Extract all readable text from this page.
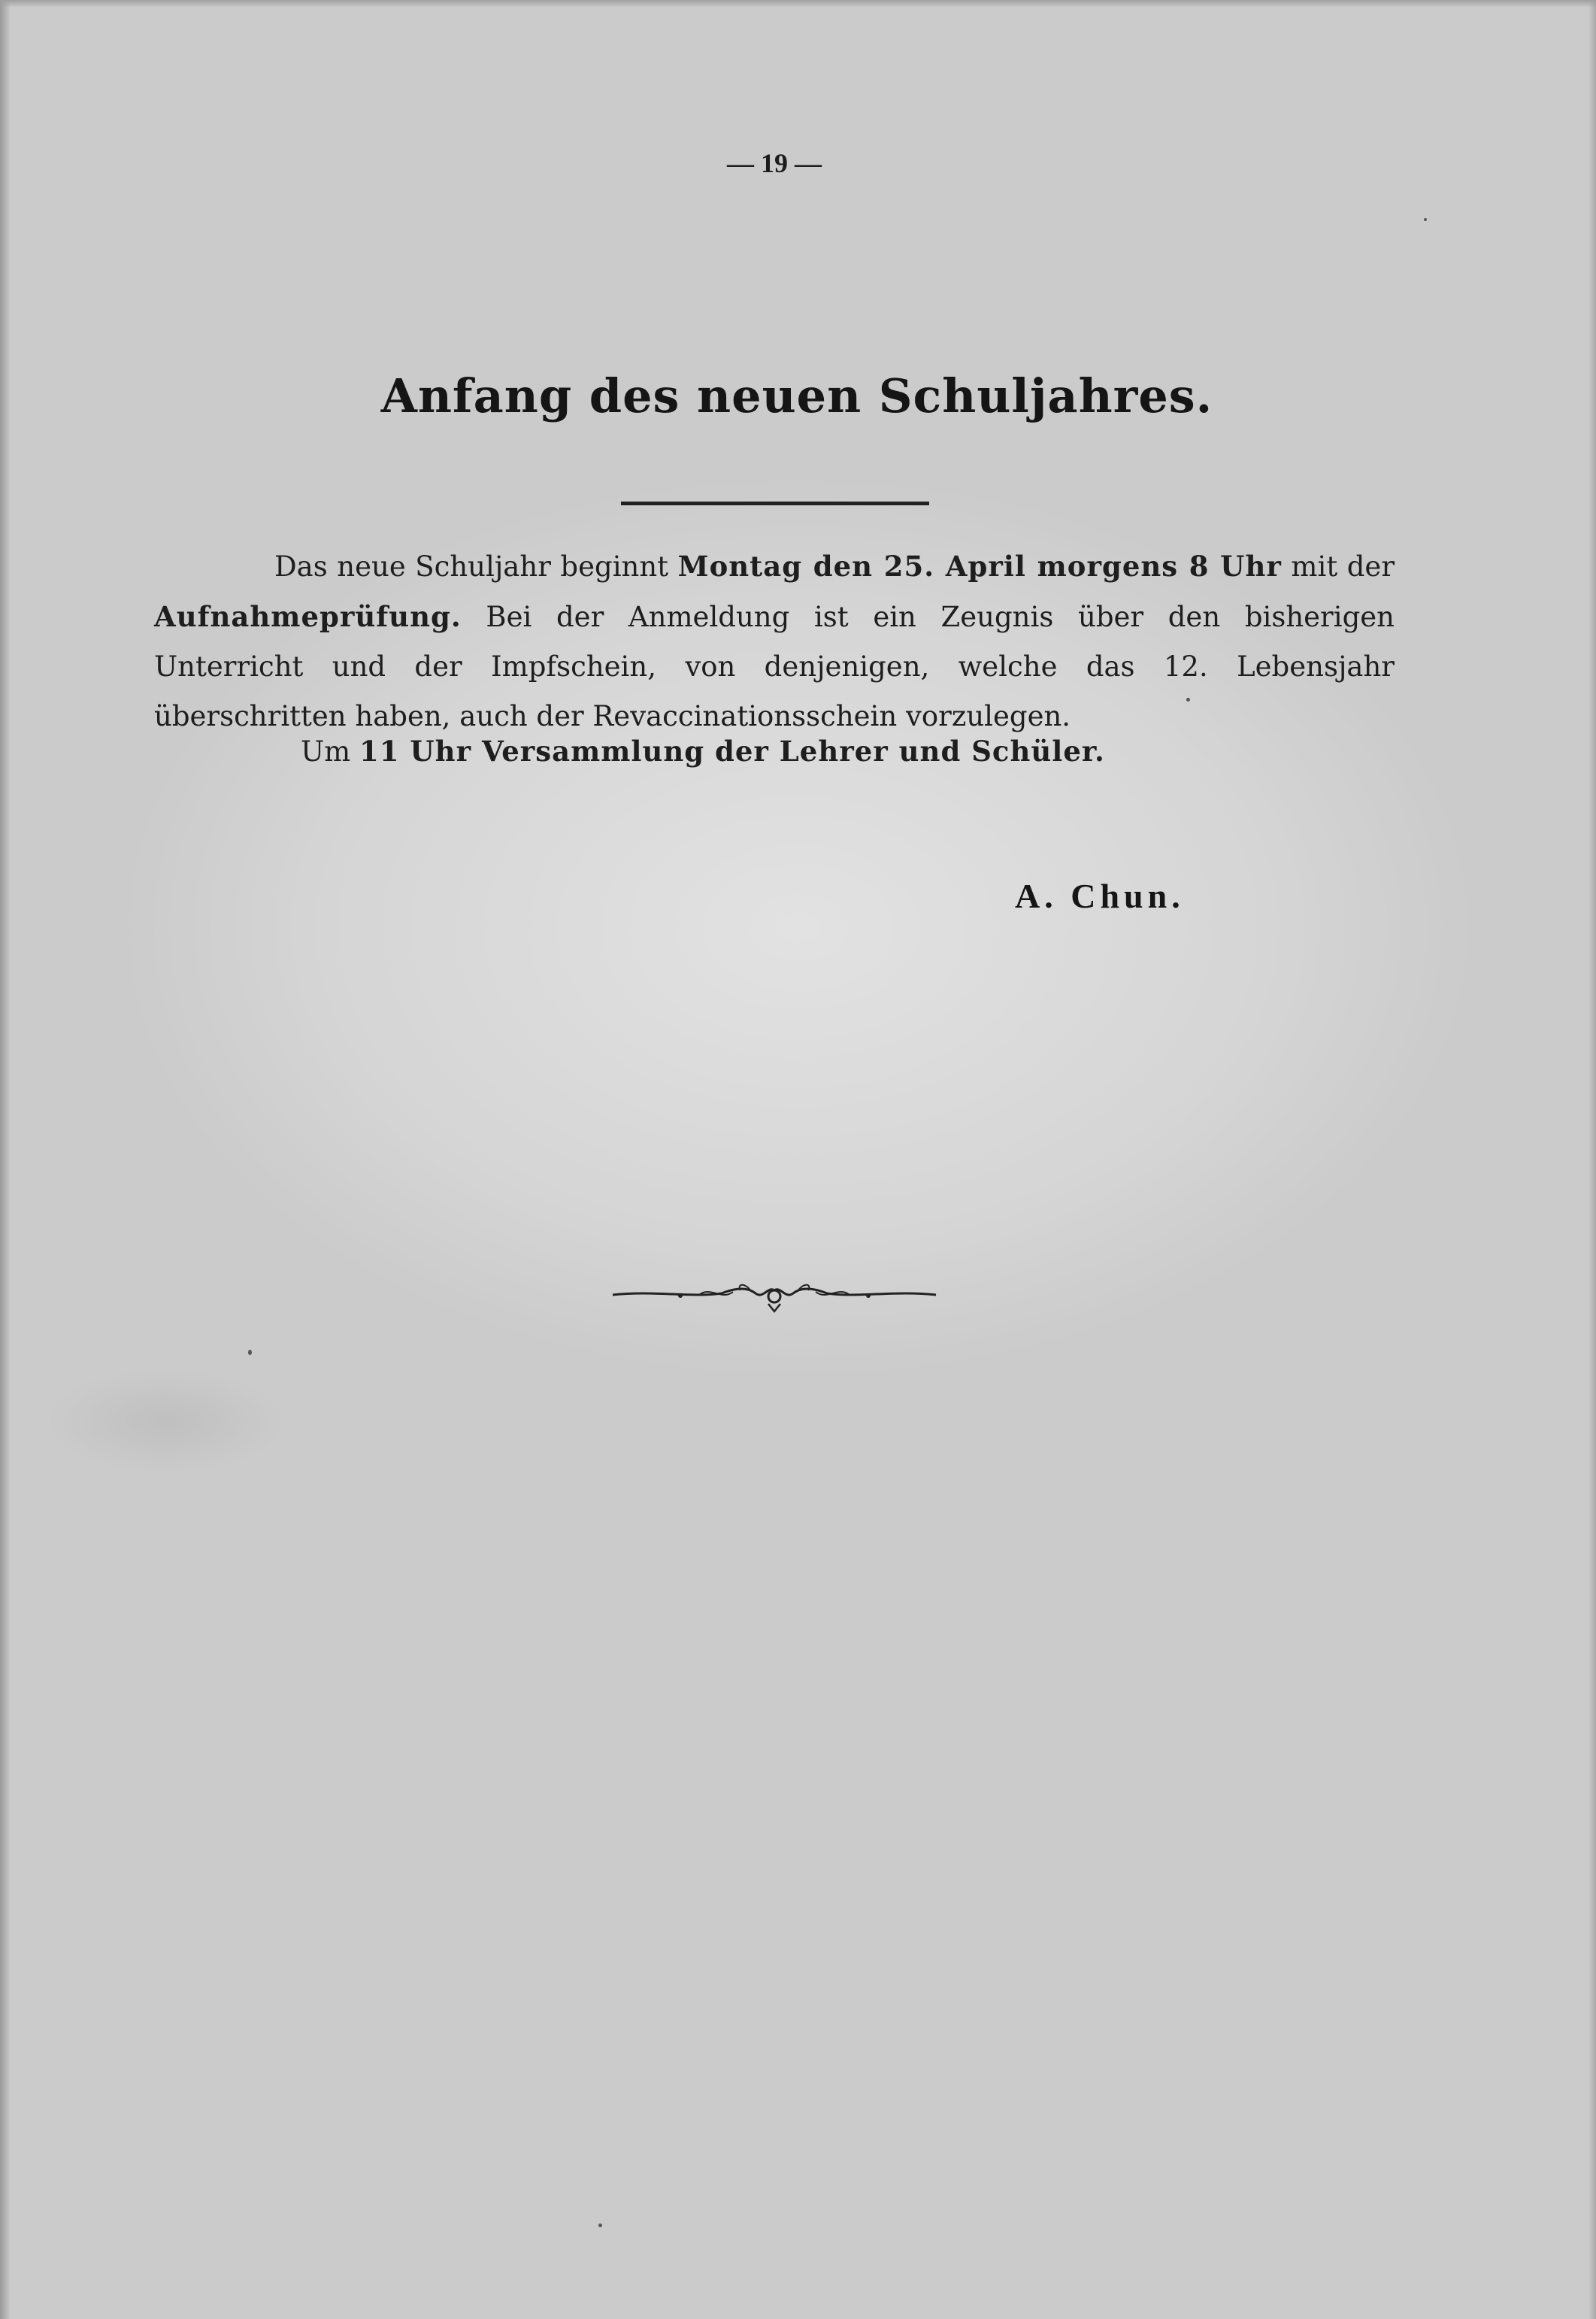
— 19 —
Anfang des neuen Schuljahres.
Das neue Schuljahr beginnt Montag den 25. April morgens 8 Uhr mit der Aufnahmeprüfung. Bei der Anmeldung ist ein Zeugnis über den bisherigen Unterricht und der Impfschein, von denjenigen, welche das 12. Lebensjahr überschritten haben, auch der Revaccinationsschein vorzulegen.
Um 11 Uhr Versammlung der Lehrer und Schüler.
A. Chun.
